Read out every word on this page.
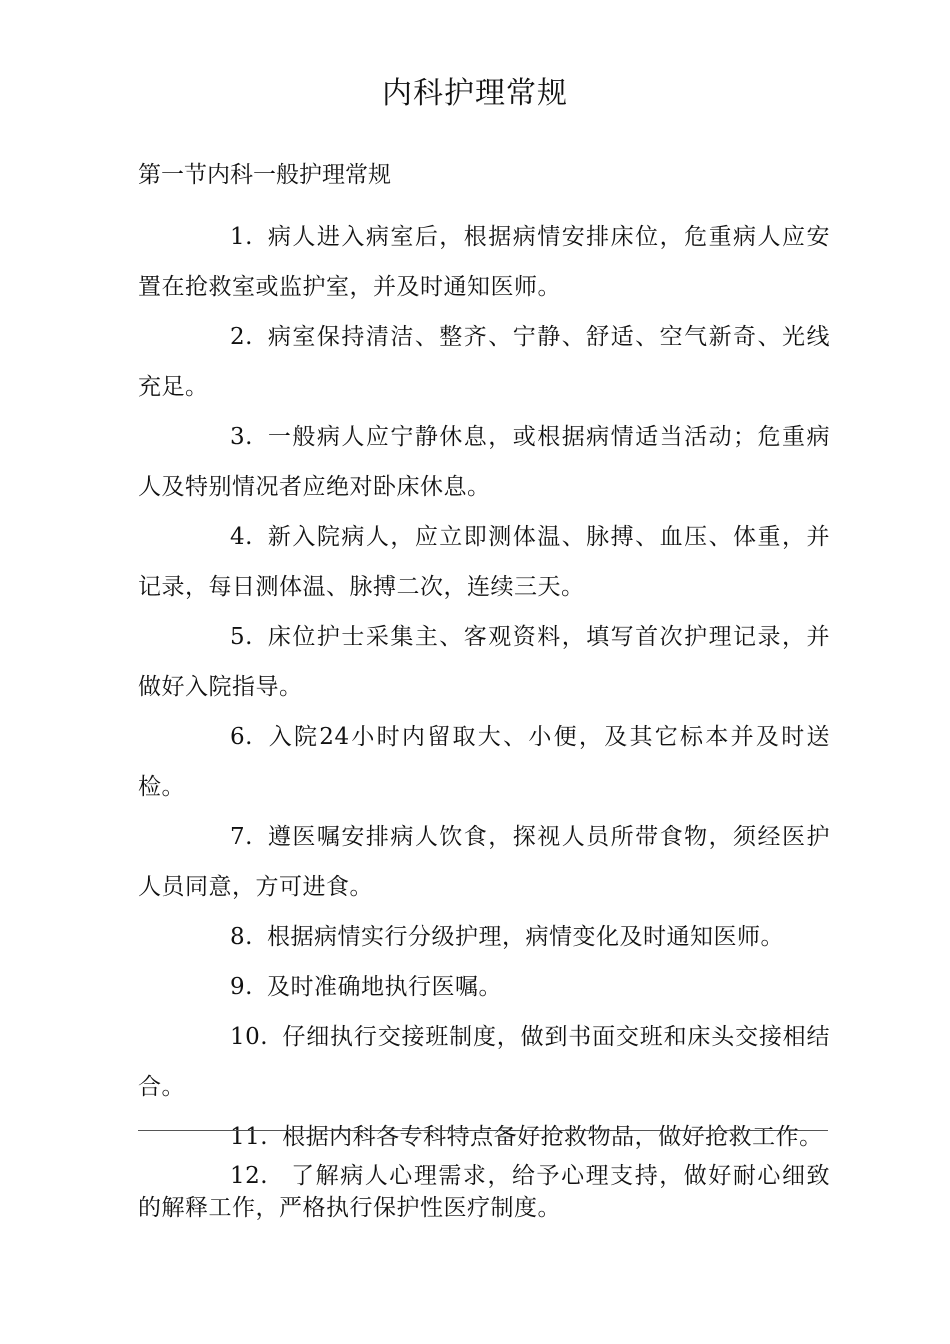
内科护理常规
第一节内科一般护理常规

1. 病人进入病室后，根据病情安排床位，危重病人应安置在抢救室或监护室，并及时通知医师。

2. 病室保持清洁、整齐、宁静、舒适、空气新奇、光线充足。

3. 一般病人应宁静休息，或根据病情适当活动；危重病人及特别情况者应绝对卧床休息。

4. 新入院病人，应立即测体温、脉搏、血压、体重，并记录，每日测体温、脉搏二次，连续三天。

5. 床位护士采集主、客观资料，填写首次护理记录，并做好入院指导。

6. 入院24小时内留取大、小便，及其它标本并及时送检。

7. 遵医嘱安排病人饮食，探视人员所带食物，须经医护人员同意，方可进食。

8. 根据病情实行分级护理，病情变化及时通知医师。

9. 及时准确地执行医嘱。

10. 仔细执行交接班制度，做到书面交班和床头交接相结合。

11. 根据内科各专科特点备好抢救物品，做好抢救工作。

12. 了解病人心理需求，给予心理支持，做好耐心细致的解释工作，严格执行保护性医疗制度。
